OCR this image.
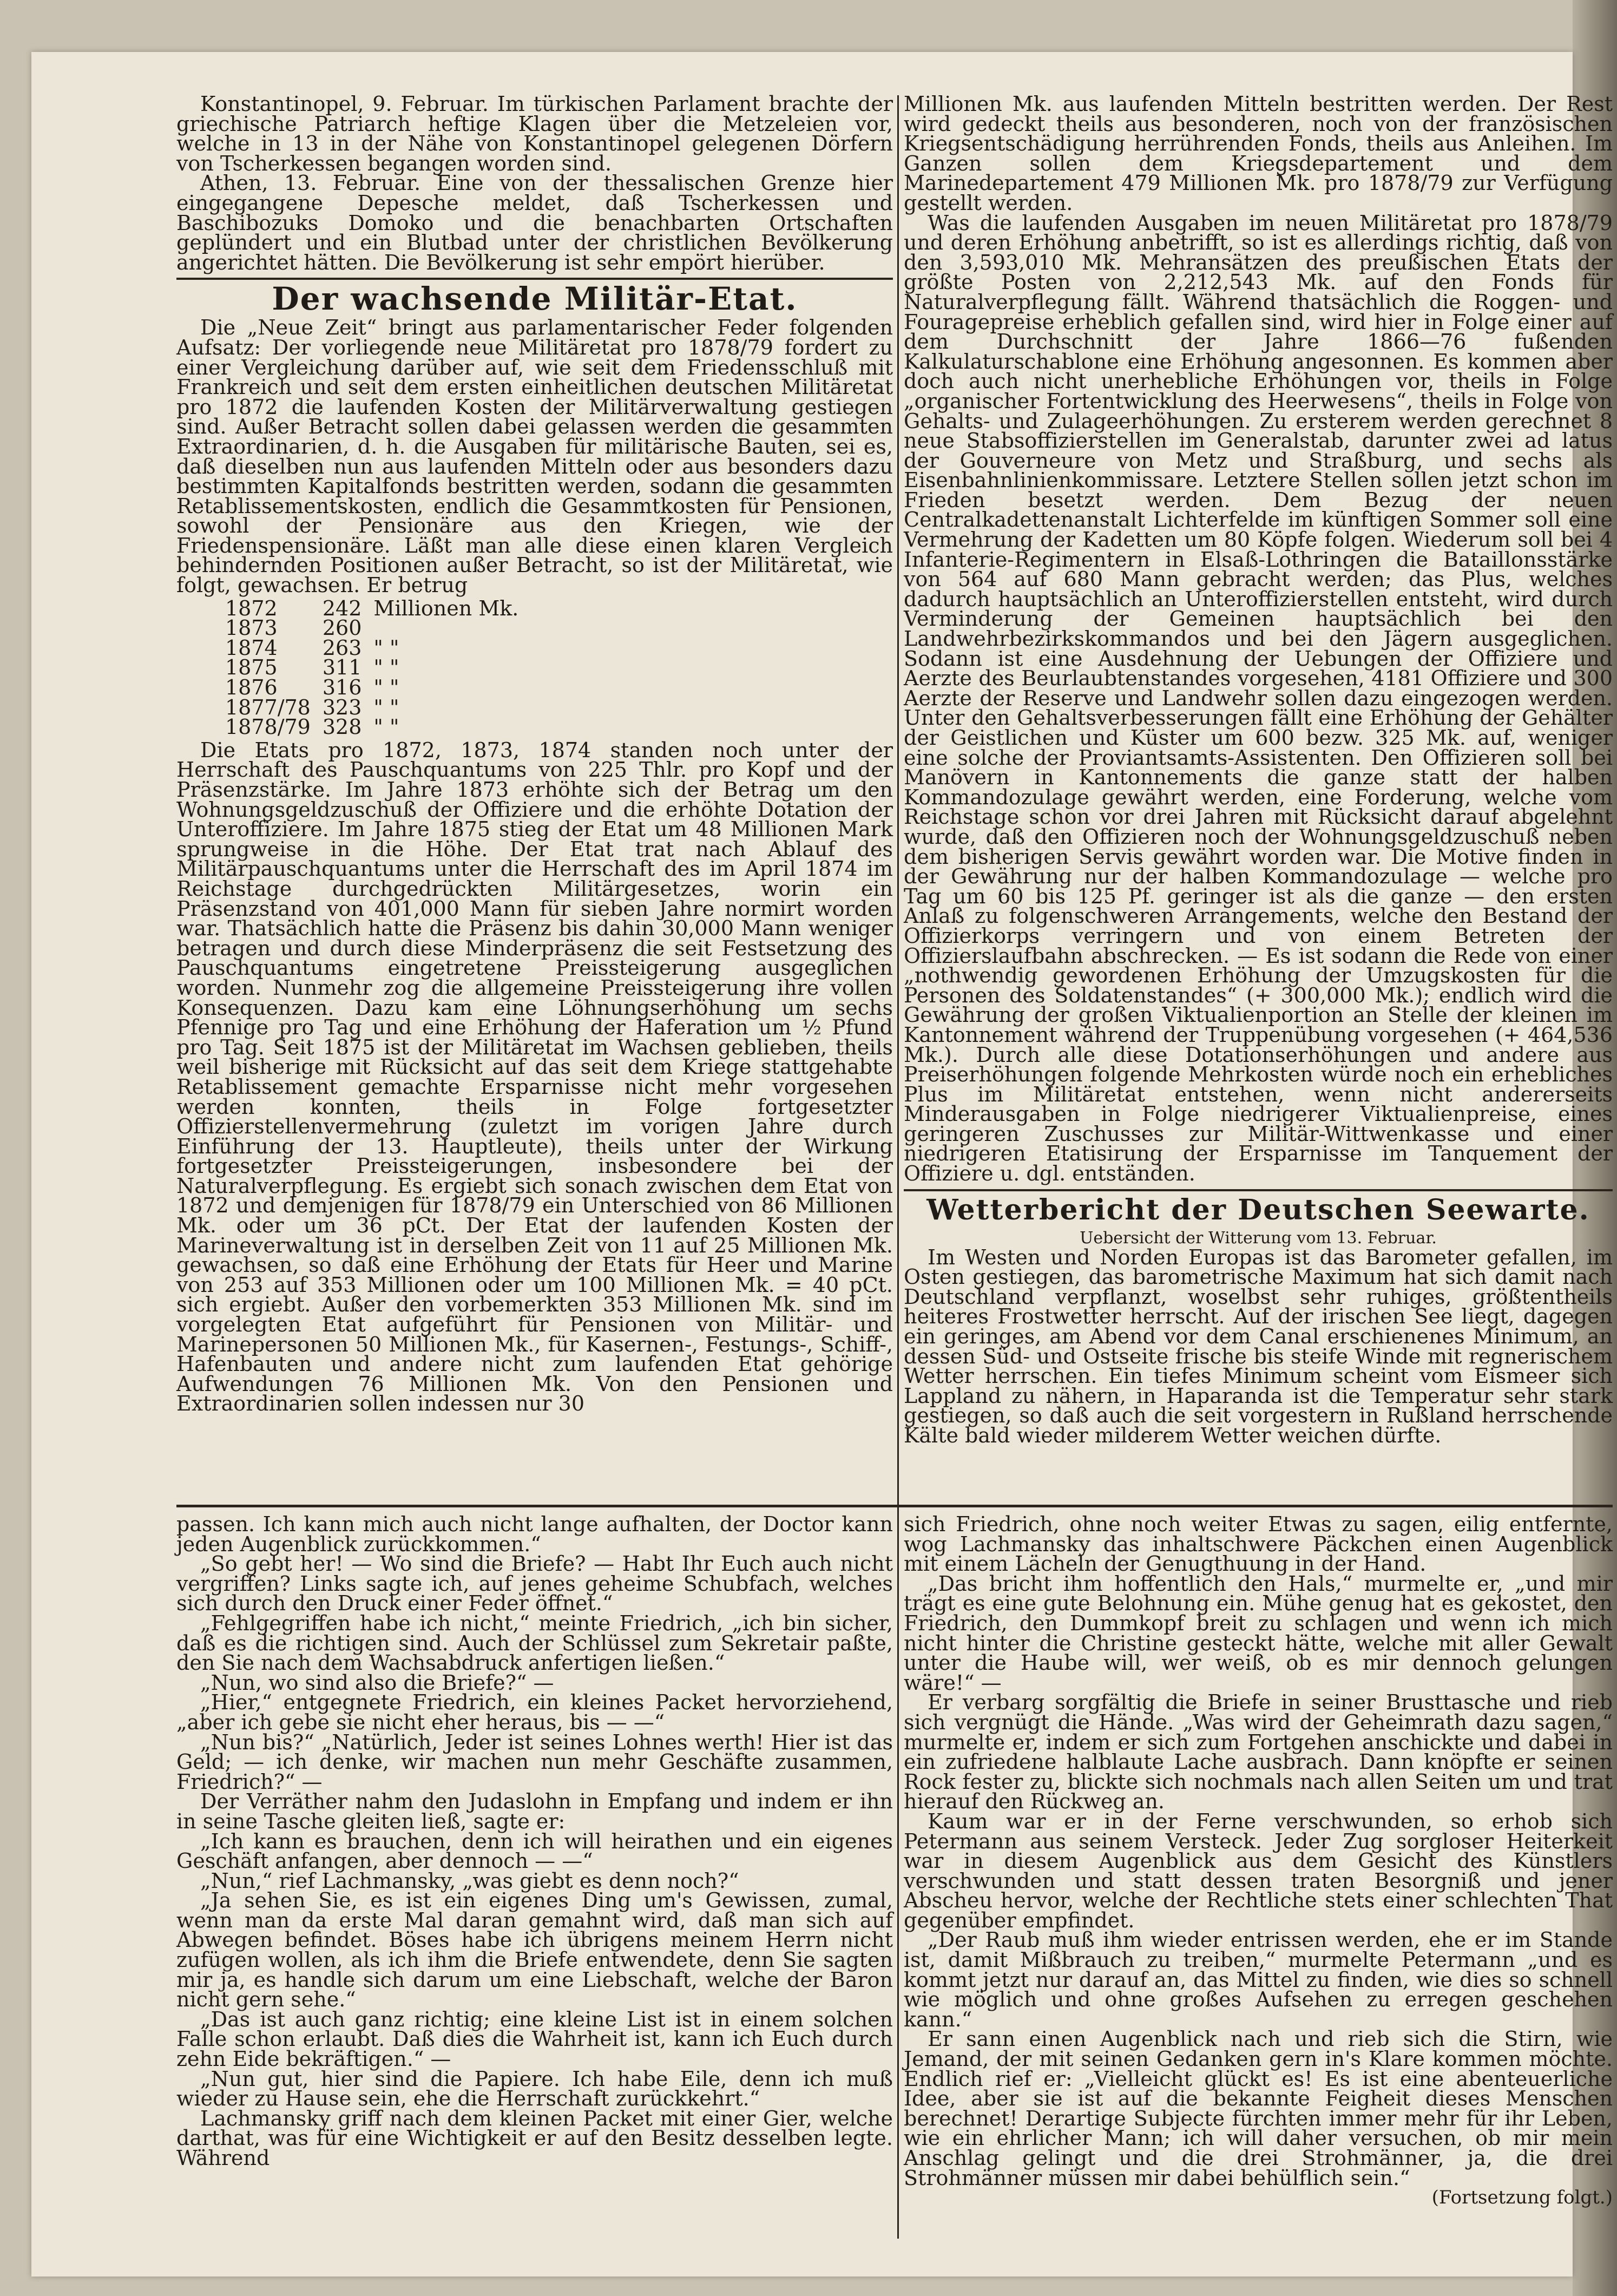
Konstantinopel, 9. Februar. Im türkischen Parlament brachte der griechische Patriarch heftige Klagen über die Metzeleien vor, welche in 13 in der Nähe von Konstantinopel gelegenen Dörfern von Tscherkessen begangen worden sind.

Athen, 13. Februar. Eine von der thessalischen Grenze hier eingegangene Depesche meldet, daß Tscherkessen und Baschibozuks Domoko und die benachbarten Ortschaften geplündert und ein Blutbad unter der christlichen Bevölkerung angerichtet hätten. Die Bevölkerung ist sehr empört hierüber.

Der wachsende Militär-Etat.

Die „Neue Zeit“ bringt aus parlamentarischer Feder folgenden Aufsatz: Der vorliegende neue Militäretat pro 1878/79 fordert zu einer Vergleichung darüber auf, wie seit dem Friedensschluß mit Frankreich und seit dem ersten einheitlichen deutschen Militäretat pro 1872 die laufenden Kosten der Militärverwaltung gestiegen sind. Außer Betracht sollen dabei gelassen werden die gesammten Extraordinarien, d. h. die Ausgaben für militärische Bauten, sei es, daß dieselben nun aus laufenden Mitteln oder aus besonders dazu bestimmten Kapitalfonds bestritten werden, sodann die gesammten Retablissementskosten, endlich die Gesammtkosten für Pensionen, sowohl der Pensionäre aus den Kriegen, wie der Friedenspensionäre. Läßt man alle diese einen klaren Vergleich behindernden Positionen außer Betracht, so ist der Militäretat, wie folgt, gewachsen. Er betrug

1872	242	Millionen Mk.
1873	260	
1874	263	" "
1875	311	" "
1876	316	" "
1877/78	323	" "
1878/79	328	" "

Die Etats pro 1872, 1873, 1874 standen noch unter der Herrschaft des Pauschquantums von 225 Thlr. pro Kopf und der Präsenzstärke. Im Jahre 1873 erhöhte sich der Betrag um den Wohnungsgeldzuschuß der Offiziere und die erhöhte Dotation der Unteroffiziere. Im Jahre 1875 stieg der Etat um 48 Millionen Mark sprungweise in die Höhe. Der Etat trat nach Ablauf des Militärpauschquantums unter die Herrschaft des im April 1874 im Reichstage durchgedrückten Militärgesetzes, worin ein Präsenzstand von 401,000 Mann für sieben Jahre normirt worden war. Thatsächlich hatte die Präsenz bis dahin 30,000 Mann weniger betragen und durch diese Minderpräsenz die seit Festsetzung des Pauschquantums eingetretene Preissteigerung ausgeglichen worden. Nunmehr zog die allgemeine Preissteigerung ihre vollen Konsequenzen. Dazu kam eine Löhnungserhöhung um sechs Pfennige pro Tag und eine Erhöhung der Haferation um ½ Pfund pro Tag. Seit 1875 ist der Militäretat im Wachsen geblieben, theils weil bisherige mit Rücksicht auf das seit dem Kriege stattgehabte Retablissement gemachte Ersparnisse nicht mehr vorgesehen werden konnten, theils in Folge fortgesetzter Offizierstellenvermehrung (zuletzt im vorigen Jahre durch Einführung der 13. Hauptleute), theils unter der Wirkung fortgesetzter Preissteigerungen, insbesondere bei der Naturalverpflegung. Es ergiebt sich sonach zwischen dem Etat von 1872 und demjenigen für 1878/79 ein Unterschied von 86 Millionen Mk. oder um 36 pCt. Der Etat der laufenden Kosten der Marineverwaltung ist in derselben Zeit von 11 auf 25 Millionen Mk. gewachsen, so daß eine Erhöhung der Etats für Heer und Marine von 253 auf 353 Millionen oder um 100 Millionen Mk. = 40 pCt. sich ergiebt. Außer den vorbemerkten 353 Millionen Mk. sind im vorgelegten Etat aufgeführt für Pensionen von Militär- und Marinepersonen 50 Millionen Mk., für Kasernen-, Festungs-, Schiff-, Hafenbauten und andere nicht zum laufenden Etat gehörige Aufwendungen 76 Millionen Mk. Von den Pensionen und Extraordinarien sollen indessen nur 30

Millionen Mk. aus laufenden Mitteln bestritten werden. Der Rest wird gedeckt theils aus besonderen, noch von der französischen Kriegsentschädigung herrührenden Fonds, theils aus Anleihen. Im Ganzen sollen dem Kriegsdepartement und dem Marinedepartement 479 Millionen Mk. pro 1878/79 zur Verfügung gestellt werden.

Was die laufenden Ausgaben im neuen Militäretat pro 1878/79 und deren Erhöhung anbetrifft, so ist es allerdings richtig, daß von den 3,593,010 Mk. Mehransätzen des preußischen Etats der größte Posten von 2,212,543 Mk. auf den Fonds für Naturalverpflegung fällt. Während thatsächlich die Roggen- und Fouragepreise erheblich gefallen sind, wird hier in Folge einer auf dem Durchschnitt der Jahre 1866—76 fußenden Kalkulaturschablone eine Erhöhung angesonnen. Es kommen aber doch auch nicht unerhebliche Erhöhungen vor, theils in Folge „organischer Fortentwicklung des Heerwesens“, theils in Folge von Gehalts- und Zulageerhöhungen. Zu ersterem werden gerechnet 8 neue Stabsoffizierstellen im Generalstab, darunter zwei ad latus der Gouverneure von Metz und Straßburg, und sechs als Eisenbahnlinienkommissare. Letztere Stellen sollen jetzt schon im Frieden besetzt werden. Dem Bezug der neuen Centralkadettenanstalt Lichterfelde im künftigen Sommer soll eine Vermehrung der Kadetten um 80 Köpfe folgen. Wiederum soll bei 4 Infanterie-Regimentern in Elsaß-Lothringen die Bataillonsstärke von 564 auf 680 Mann gebracht werden; das Plus, welches dadurch hauptsächlich an Unteroffizierstellen entsteht, wird durch Verminderung der Gemeinen hauptsächlich bei den Landwehrbezirkskommandos und bei den Jägern ausgeglichen. Sodann ist eine Ausdehnung der Uebungen der Offiziere und Aerzte des Beurlaubtenstandes vorgesehen, 4181 Offiziere und 300 Aerzte der Reserve und Landwehr sollen dazu eingezogen werden. Unter den Gehaltsverbesserungen fällt eine Erhöhung der Gehälter der Geistlichen und Küster um 600 bezw. 325 Mk. auf, weniger eine solche der Proviantsamts-Assistenten. Den Offizieren soll bei Manövern in Kantonnements die ganze statt der halben Kommandozulage gewährt werden, eine Forderung, welche vom Reichstage schon vor drei Jahren mit Rücksicht darauf abgelehnt wurde, daß den Offizieren noch der Wohnungsgeldzuschuß neben dem bisherigen Servis gewährt worden war. Die Motive finden in der Gewährung nur der halben Kommandozulage — welche pro Tag um 60 bis 125 Pf. geringer ist als die ganze — den ersten Anlaß zu folgenschweren Arrangements, welche den Bestand der Offizierkorps verringern und von einem Betreten der Offizierslaufbahn abschrecken. — Es ist sodann die Rede von einer „nothwendig gewordenen Erhöhung der Umzugskosten für die Personen des Soldatenstandes“ (+ 300,000 Mk.); endlich wird die Gewährung der großen Viktualienportion an Stelle der kleinen im Kantonnement während der Truppenübung vorgesehen (+ 464,536 Mk.). Durch alle diese Dotationserhöhungen und andere aus Preiserhöhungen folgende Mehrkosten würde noch ein erhebliches Plus im Militäretat entstehen, wenn nicht andererseits Minderausgaben in Folge niedrigerer Viktualienpreise, eines geringeren Zuschusses zur Militär-Wittwenkasse und einer niedrigeren Etatisirung der Ersparnisse im Tanquement der Offiziere u. dgl. entständen.

Wetterbericht der Deutschen Seewarte.

Uebersicht der Witterung vom 13. Februar.

Im Westen und Norden Europas ist das Barometer gefallen, im Osten gestiegen, das barometrische Maximum hat sich damit nach Deutschland verpflanzt, woselbst sehr ruhiges, größtentheils heiteres Frostwetter herrscht. Auf der irischen See liegt, dagegen ein geringes, am Abend vor dem Canal erschienenes Minimum, an dessen Süd- und Ostseite frische bis steife Winde mit regnerischem Wetter herrschen. Ein tiefes Minimum scheint vom Eismeer sich Lappland zu nähern, in Haparanda ist die Temperatur sehr stark gestiegen, so daß auch die seit vorgestern in Rußland herrschende Kälte bald wieder milderem Wetter weichen dürfte.

passen. Ich kann mich auch nicht lange aufhalten, der Doctor kann jeden Augenblick zurückkommen.“

„So gebt her! — Wo sind die Briefe? — Habt Ihr Euch auch nicht vergriffen? Links sagte ich, auf jenes geheime Schubfach, welches sich durch den Druck einer Feder öffnet.“

„Fehlgegriffen habe ich nicht,“ meinte Friedrich, „ich bin sicher, daß es die richtigen sind. Auch der Schlüssel zum Sekretair paßte, den Sie nach dem Wachsabdruck anfertigen ließen.“

„Nun, wo sind also die Briefe?“ —

„Hier,“ entgegnete Friedrich, ein kleines Packet hervorziehend, „aber ich gebe sie nicht eher heraus, bis — —“

„Nun bis?“ „Natürlich, Jeder ist seines Lohnes werth! Hier ist das Geld; — ich denke, wir machen nun mehr Geschäfte zusammen, Friedrich?“ —

Der Verräther nahm den Judaslohn in Empfang und indem er ihn in seine Tasche gleiten ließ, sagte er:

„Ich kann es brauchen, denn ich will heirathen und ein eigenes Geschäft anfangen, aber dennoch — —“

„Nun,“ rief Lachmansky, „was giebt es denn noch?“

„Ja sehen Sie, es ist ein eigenes Ding um's Gewissen, zumal, wenn man da erste Mal daran gemahnt wird, daß man sich auf Abwegen befindet. Böses habe ich übrigens meinem Herrn nicht zufügen wollen, als ich ihm die Briefe entwendete, denn Sie sagten mir ja, es handle sich darum um eine Liebschaft, welche der Baron nicht gern sehe.“

„Das ist auch ganz richtig; eine kleine List ist in einem solchen Falle schon erlaubt. Daß dies die Wahrheit ist, kann ich Euch durch zehn Eide bekräftigen.“ —

„Nun gut, hier sind die Papiere. Ich habe Eile, denn ich muß wieder zu Hause sein, ehe die Herrschaft zurückkehrt.“

Lachmansky griff nach dem kleinen Packet mit einer Gier, welche darthat, was für eine Wichtigkeit er auf den Besitz desselben legte. Während

sich Friedrich, ohne noch weiter Etwas zu sagen, eilig entfernte, wog Lachmansky das inhaltschwere Päckchen einen Augenblick mit einem Lächeln der Genugthuung in der Hand.

„Das bricht ihm hoffentlich den Hals,“ murmelte er, „und mir trägt es eine gute Belohnung ein. Mühe genug hat es gekostet, den Friedrich, den Dummkopf breit zu schlagen und wenn ich mich nicht hinter die Christine gesteckt hätte, welche mit aller Gewalt unter die Haube will, wer weiß, ob es mir dennoch gelungen wäre!“ —

Er verbarg sorgfältig die Briefe in seiner Brusttasche und rieb sich vergnügt die Hände. „Was wird der Geheimrath dazu sagen,“ murmelte er, indem er sich zum Fortgehen anschickte und dabei in ein zufriedene halblaute Lache ausbrach. Dann knöpfte er seinen Rock fester zu, blickte sich nochmals nach allen Seiten um und trat hierauf den Rückweg an.

Kaum war er in der Ferne verschwunden, so erhob sich Petermann aus seinem Versteck. Jeder Zug sorgloser Heiterkeit war in diesem Augenblick aus dem Gesicht des Künstlers verschwunden und statt dessen traten Besorgniß und jener Abscheu hervor, welche der Rechtliche stets einer schlechten That gegenüber empfindet.

„Der Raub muß ihm wieder entrissen werden, ehe er im Stande ist, damit Mißbrauch zu treiben,“ murmelte Petermann „und es kommt jetzt nur darauf an, das Mittel zu finden, wie dies so schnell wie möglich und ohne großes Aufsehen zu erregen geschehen kann.“

Er sann einen Augenblick nach und rieb sich die Stirn, wie Jemand, der mit seinen Gedanken gern in's Klare kommen möchte. Endlich rief er: „Vielleicht glückt es! Es ist eine abenteuerliche Idee, aber sie ist auf die bekannte Feigheit dieses Menschen berechnet! Derartige Subjecte fürchten immer mehr für ihr Leben, wie ein ehrlicher Mann; ich will daher versuchen, ob mir mein Anschlag gelingt und die drei Strohmänner, ja, die drei Strohmänner müssen mir dabei behülflich sein.“

(Fortsetzung folgt.)
